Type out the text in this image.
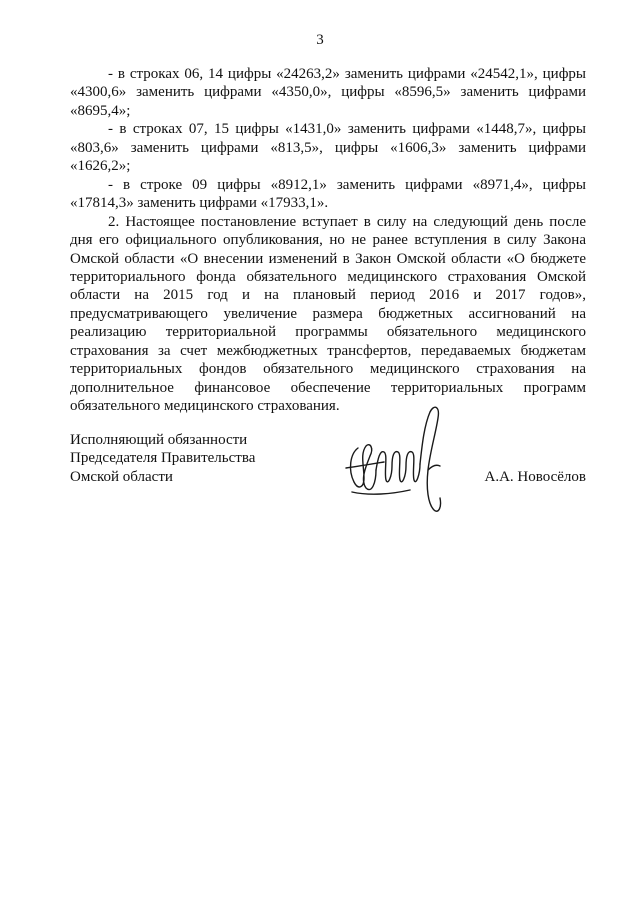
3

- в строках 06, 14 цифры «24263,2» заменить цифрами «24542,1», цифры «4300,6» заменить цифрами «4350,0», цифры «8596,5» заменить цифрами «8695,4»;

- в строках 07, 15 цифры «1431,0» заменить цифрами «1448,7», цифры «803,6» заменить цифрами «813,5», цифры «1606,3» заменить цифрами «1626,2»;

- в строке 09 цифры «8912,1» заменить цифрами «8971,4», цифры «17814,3» заменить цифрами «17933,1».

2. Настоящее постановление вступает в силу на следующий день после дня его официального опубликования, но не ранее вступления в силу Закона Омской области «О внесении изменений в Закон Омской области «О бюджете территориального фонда обязательного медицинского страхования Омской области на 2015 год и на плановый период 2016 и 2017 годов», предусматривающего увеличение размера бюджетных ассигнований на реализацию территориальной программы обязательного медицинского страхования за счет межбюджетных трансфертов, передаваемых бюджетам территориальных фондов обязательного медицинского страхования на дополнительное финансовое обеспечение территориальных программ обязательного медицинского страхования.

Исполняющий обязанности
Председателя Правительства
Омской области	А.А. Новосёлов
